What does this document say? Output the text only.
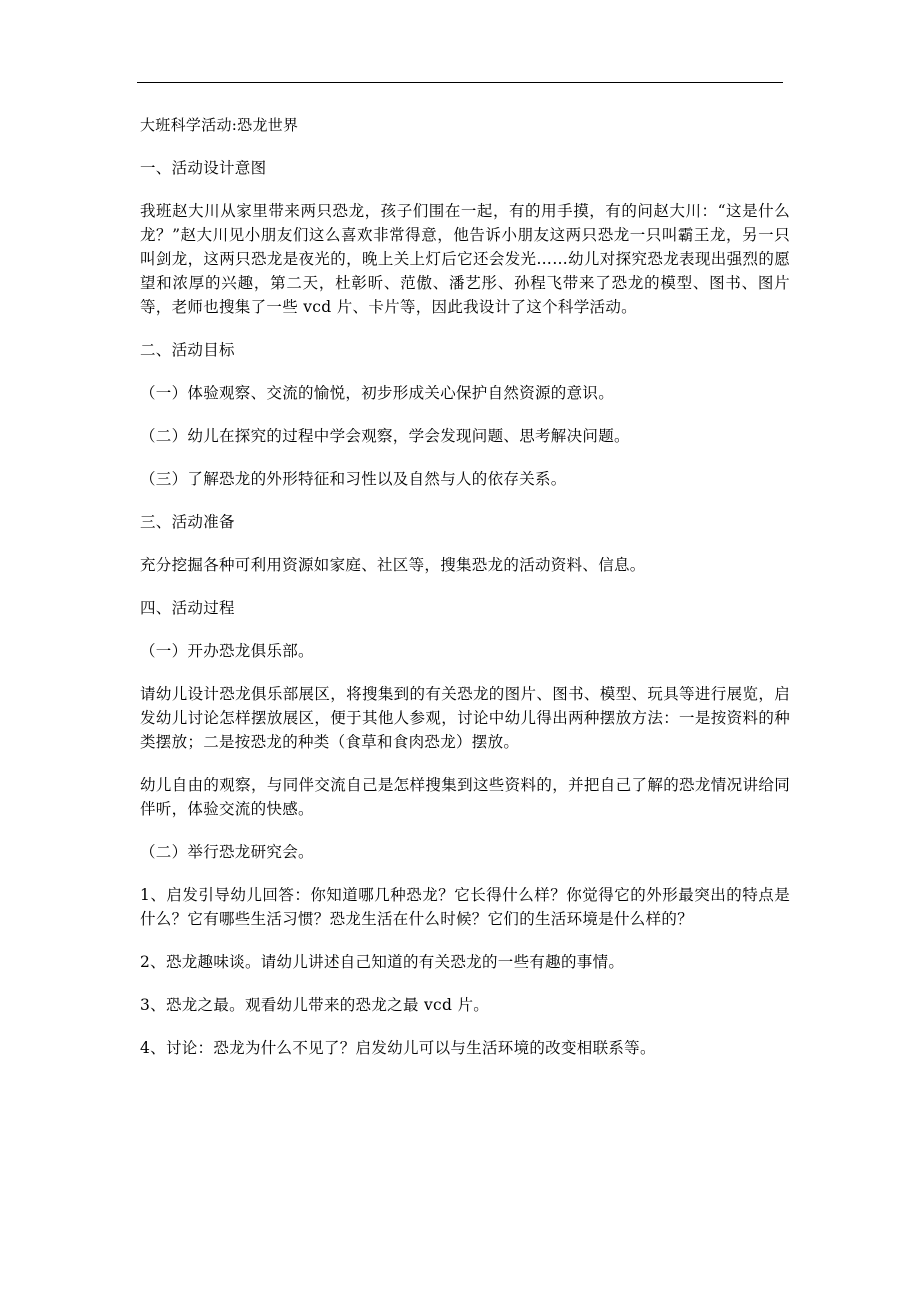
大班科学活动:恐龙世界

一、活动设计意图

我班赵大川从家里带来两只恐龙，孩子们围在一起，有的用手摸，有的问赵大川：“这是什么龙？”赵大川见小朋友们这么喜欢非常得意，他告诉小朋友这两只恐龙一只叫霸王龙，另一只叫剑龙，这两只恐龙是夜光的，晚上关上灯后它还会发光……幼儿对探究恐龙表现出强烈的愿望和浓厚的兴趣，第二天，杜彰昕、范傲、潘艺彤、孙程飞带来了恐龙的模型、图书、图片等，老师也搜集了一些 vcd 片、卡片等，因此我设计了这个科学活动。

二、活动目标

（一）体验观察、交流的愉悦，初步形成关心保护自然资源的意识。

（二）幼儿在探究的过程中学会观察，学会发现问题、思考解决问题。

（三）了解恐龙的外形特征和习性以及自然与人的依存关系。

三、活动准备

充分挖掘各种可利用资源如家庭、社区等，搜集恐龙的活动资料、信息。

四、活动过程

（一）开办恐龙俱乐部。

请幼儿设计恐龙俱乐部展区，将搜集到的有关恐龙的图片、图书、模型、玩具等进行展览，启发幼儿讨论怎样摆放展区，便于其他人参观，讨论中幼儿得出两种摆放方法：一是按资料的种类摆放；二是按恐龙的种类（食草和食肉恐龙）摆放。

幼儿自由的观察，与同伴交流自己是怎样搜集到这些资料的，并把自己了解的恐龙情况讲给同伴听，体验交流的快感。

（二）举行恐龙研究会。

1、启发引导幼儿回答：你知道哪几种恐龙？它长得什么样？你觉得它的外形最突出的特点是什么？它有哪些生活习惯？恐龙生活在什么时候？它们的生活环境是什么样的？

2、恐龙趣味谈。请幼儿讲述自己知道的有关恐龙的一些有趣的事情。

3、恐龙之最。观看幼儿带来的恐龙之最 vcd 片。

4、讨论：恐龙为什么不见了？启发幼儿可以与生活环境的改变相联系等。
